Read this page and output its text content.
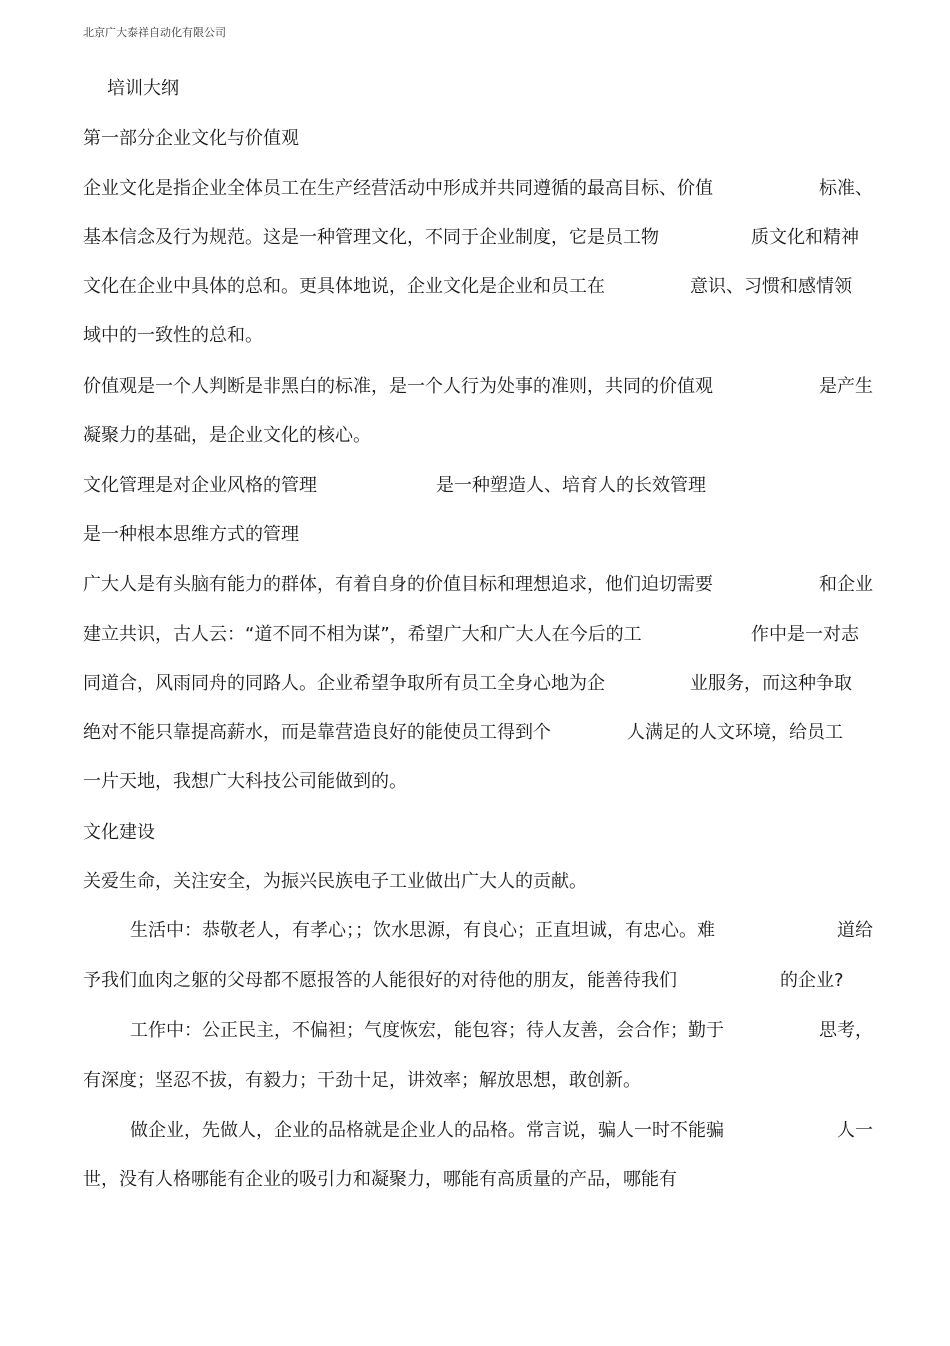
北京广大泰祥自动化有限公司
培训大纲
第一部分企业文化与价值观
企业文化是指企业全体员工在生产经营活动中形成并共同遵循的最高目标、价值	标准、
基本信念及行为规范。这是一种管理文化，不同于企业制度，它是员工物	质文化和精神
文化在企业中具体的总和。更具体地说，企业文化是企业和员工在	意识、习惯和感情领
域中的一致性的总和。
价值观是一个人判断是非黑白的标准，是一个人行为处事的准则，共同的价值观	是产生
凝聚力的基础，是企业文化的核心。
文化管理是对企业风格的管理	是一种塑造人、培育人的长效管理
是一种根本思维方式的管理
广大人是有头脑有能力的群体，有着自身的价值目标和理想追求，他们迫切需要	和企业
建立共识，古人云：“道不同不相为谋”，希望广大和广大人在今后的工	作中是一对志
同道合，风雨同舟的同路人。企业希望争取所有员工全身心地为企	业服务，而这种争取
绝对不能只靠提高薪水，而是靠营造良好的能使员工得到个	人满足的人文环境，给员工
一片天地，我想广大科技公司能做到的。
文化建设
关爱生命，关注安全，为振兴民族电子工业做出广大人的贡献。
生活中：恭敬老人，有孝心；；饮水思源，有良心；正直坦诚，有忠心。难	道给
予我们血肉之躯的父母都不愿报答的人能很好的对待他的朋友，能善待我们	的企业?
工作中：公正民主，不偏袒；气度恢宏，能包容；待人友善，会合作；勤于	思考，
有深度；坚忍不拔，有毅力；干劲十足，讲效率；解放思想，敢创新。
做企业，先做人，企业的品格就是企业人的品格。常言说，骗人一时不能骗	人一
世，没有人格哪能有企业的吸引力和凝聚力，哪能有高质量的产品，哪能有
